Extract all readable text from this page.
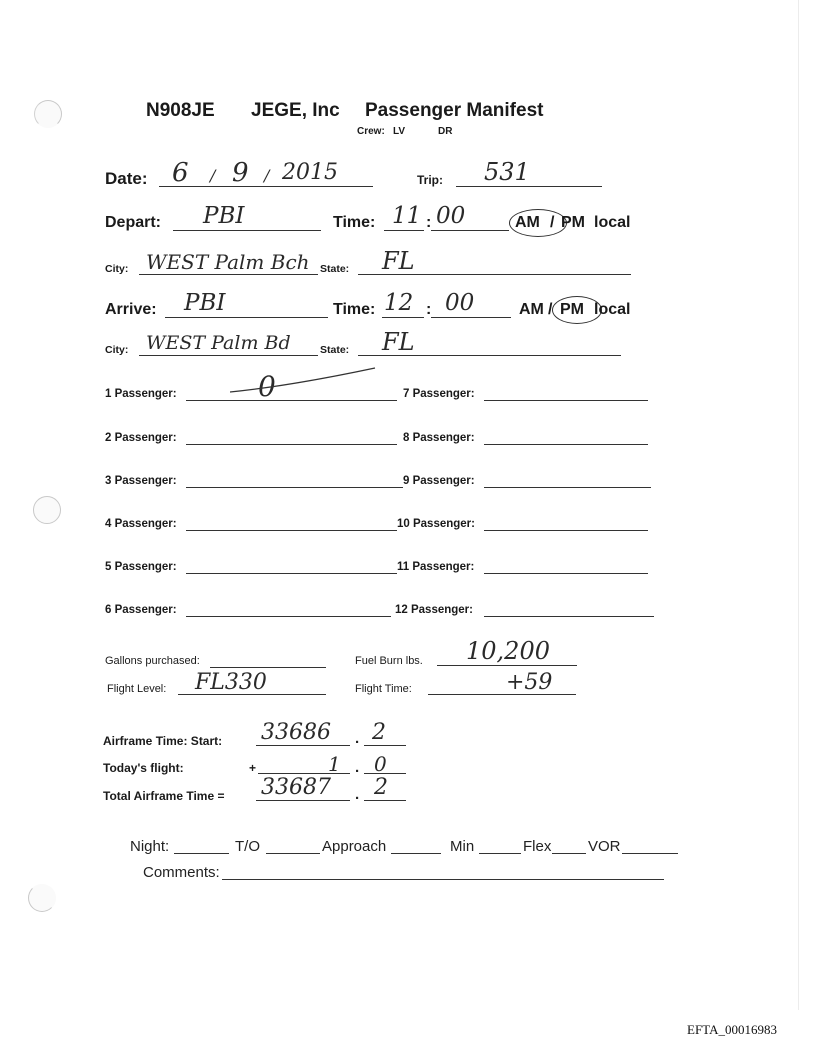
N908JE JEGE, Inc Passenger Manifest
Crew: LV	DR
Date: 6 / 9 / 2015	Trip: 531
Depart: PBI	Time: 11 : 00	AM / PM local
City: WEST Palm Bch State: FL
Arrive: PBI	Time: 12 : 00	AM / PM local
City: WEST Palm Bd	State: FL
1 Passenger:	0	7 Passenger:
2 Passenger:	8 Passenger:
3 Passenger:	9 Passenger:
4 Passenger:	10 Passenger:
5 Passenger:	11 Passenger:
6 Passenger:	12 Passenger:
Gallons purchased:	Fuel Burn lbs. 10,200
Flight Level: FL330	Flight Time:	+59
Airframe Time: Start: 33686 . 2
Today's flight:	+	1 . 0
Total Airframe Time = 33687 . 2
Night:	T/O	Approach	Min	Flex VOR
Comments:
EFTA_00016983
